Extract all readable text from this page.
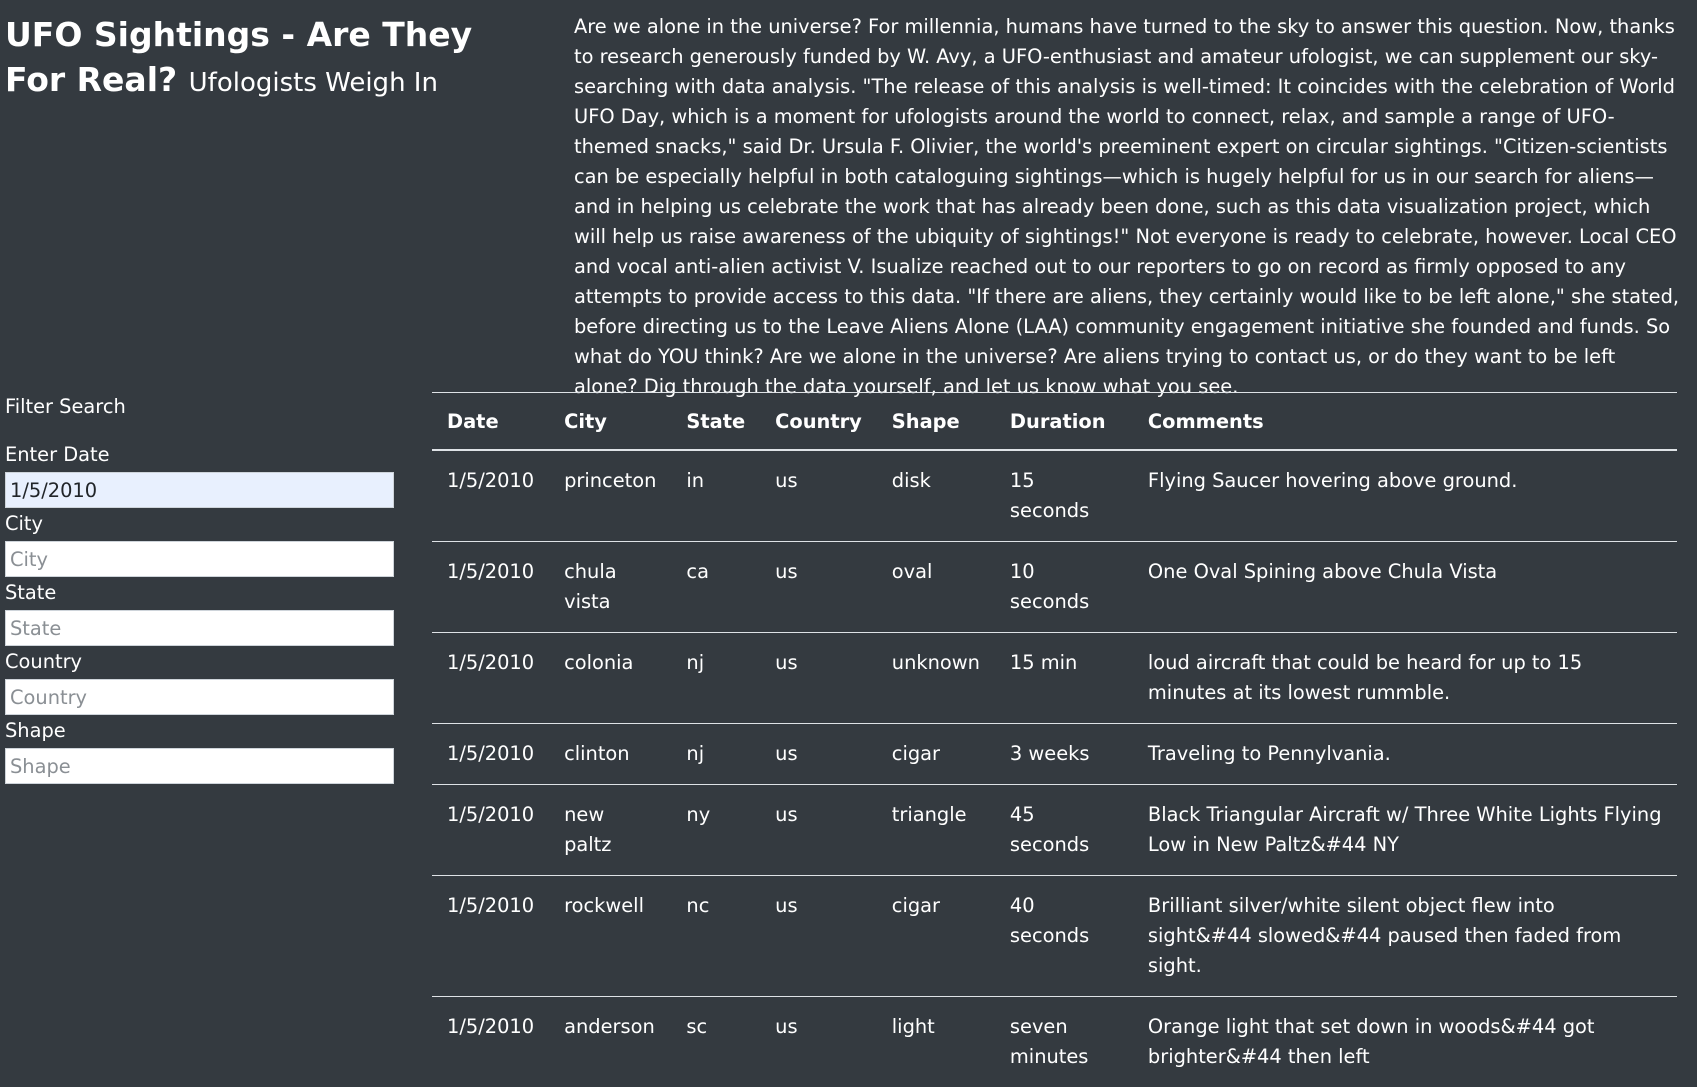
UFO Sightings - Are They For Real? Ufologists Weigh In

Are we alone in the universe? For millennia, humans have turned to the sky to answer this question. Now, thanks to research generously funded by W. Avy, a UFO-enthusiast and amateur ufologist, we can supplement our sky-searching with data analysis. "The release of this analysis is well-timed: It coincides with the celebration of World UFO Day, which is a moment for ufologists around the world to connect, relax, and sample a range of UFO-themed snacks," said Dr. Ursula F. Olivier, the world's preeminent expert on circular sightings. "Citizen-scientists can be especially helpful in both cataloguing sightings—which is hugely helpful for us in our search for aliens—and in helping us celebrate the work that has already been done, such as this data visualization project, which will help us raise awareness of the ubiquity of sightings!" Not everyone is ready to celebrate, however. Local CEO and vocal anti-alien activist V. Isualize reached out to our reporters to go on record as firmly opposed to any attempts to provide access to this data. "If there are aliens, they certainly would like to be left alone," she stated, before directing us to the Leave Aliens Alone (LAA) community engagement initiative she founded and funds. So what do YOU think? Are we alone in the universe? Are aliens trying to contact us, or do they want to be left alone? Dig through the data yourself, and let us know what you see.

Filter Search

Enter Date
1/5/2010
City
City
State
State
Country
Country
Shape
Shape
Date	City	State	Country	Shape	Duration	Comments
1/5/2010	princeton	in	us	disk	15 seconds	Flying Saucer hovering above ground.
1/5/2010	chula vista	ca	us	oval	10 seconds	One Oval Spining above Chula Vista
1/5/2010	colonia	nj	us	unknown	15 min	loud aircraft that could be heard for up to 15 minutes at its lowest rummble.
1/5/2010	clinton	nj	us	cigar	3 weeks	Traveling to Pennylvania.
1/5/2010	new paltz	ny	us	triangle	45 seconds	Black Triangular Aircraft w/ Three White Lights Flying Low in New Paltz&#44 NY
1/5/2010	rockwell	nc	us	cigar	40 seconds	Brilliant silver/white silent object flew into sight&#44 slowed&#44 paused then faded from sight.
1/5/2010	anderson	sc	us	light	seven minutes	Orange light that set down in woods&#44 got brighter&#44 then left
